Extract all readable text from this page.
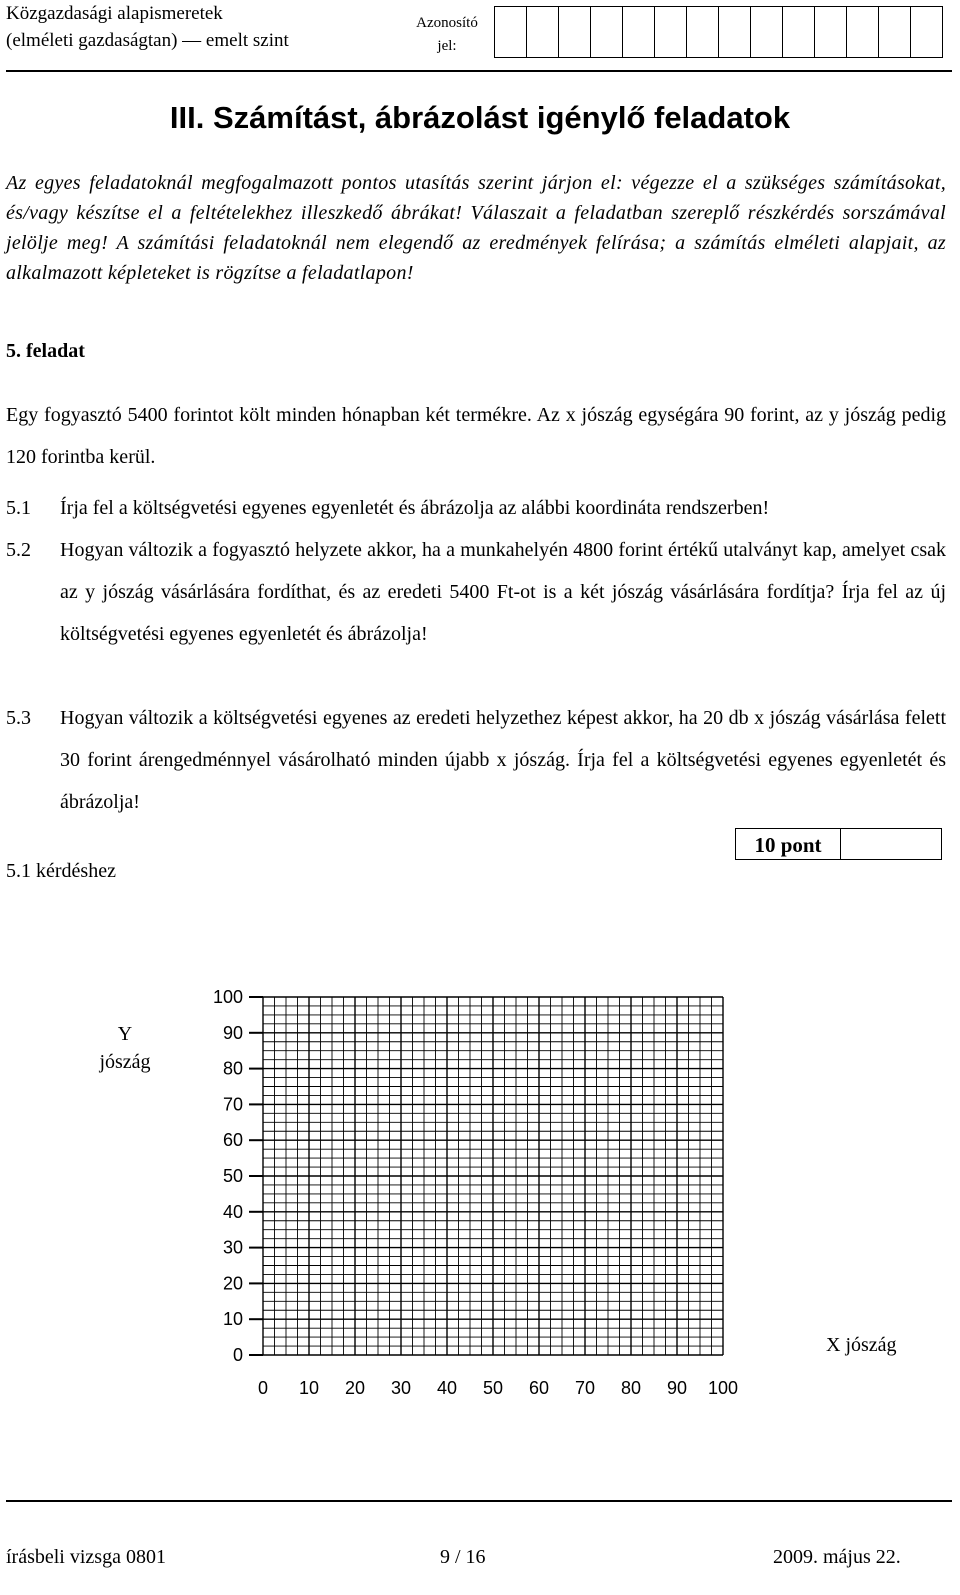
Közgazdasági alapismeretek
(elméleti gazdaságtan) — emelt szint
Azonosító
jel:
III. Számítást, ábrázolást igénylő feladatok
Az egyes feladatoknál megfogalmazott pontos utasítás szerint járjon el: végezze el a szükséges számításokat, és/vagy készítse el a feltételekhez illeszkedő ábrákat! Válaszait a feladatban szereplő részkérdés sorszámával jelölje meg! A számítási feladatoknál nem elegendő az eredmények felírása; a számítás elméleti alapjait, az alkalmazott képleteket is rögzítse a feladatlapon!
5. feladat
Egy fogyasztó 5400 forintot költ minden hónapban két termékre. Az x jószág egységára 90 forint, az y jószág pedig 120 forintba kerül.
5.1 Írja fel a költségvetési egyenes egyenletét és ábrázolja az alábbi koordináta rendszerben!
5.2 Hogyan változik a fogyasztó helyzete akkor, ha a munkahelyén 4800 forint értékű utalványt kap, amelyet csak az y jószág vásárlására fordíthat, és az eredeti 5400 Ft-ot is a két jószág vásárlására fordítja? Írja fel az új költségvetési egyenes egyenletét és ábrázolja!
5.3 Hogyan változik a költségvetési egyenes az eredeti helyzethez képest akkor, ha 20 db x jószág vásárlása felett 30 forint árengedménnyel vásárolható minden újabb x jószág. Írja fel a költségvetési egyenes egyenletét és ábrázolja!
10 pont
5.1 kérdéshez
Y
jószág
X jószág
0
10
20
30
40
50
60
70
80
90
100
0 10 20 30 40 50 60 70 80 90 100
írásbeli vizsga 0801	9 / 16	2009. május 22.
